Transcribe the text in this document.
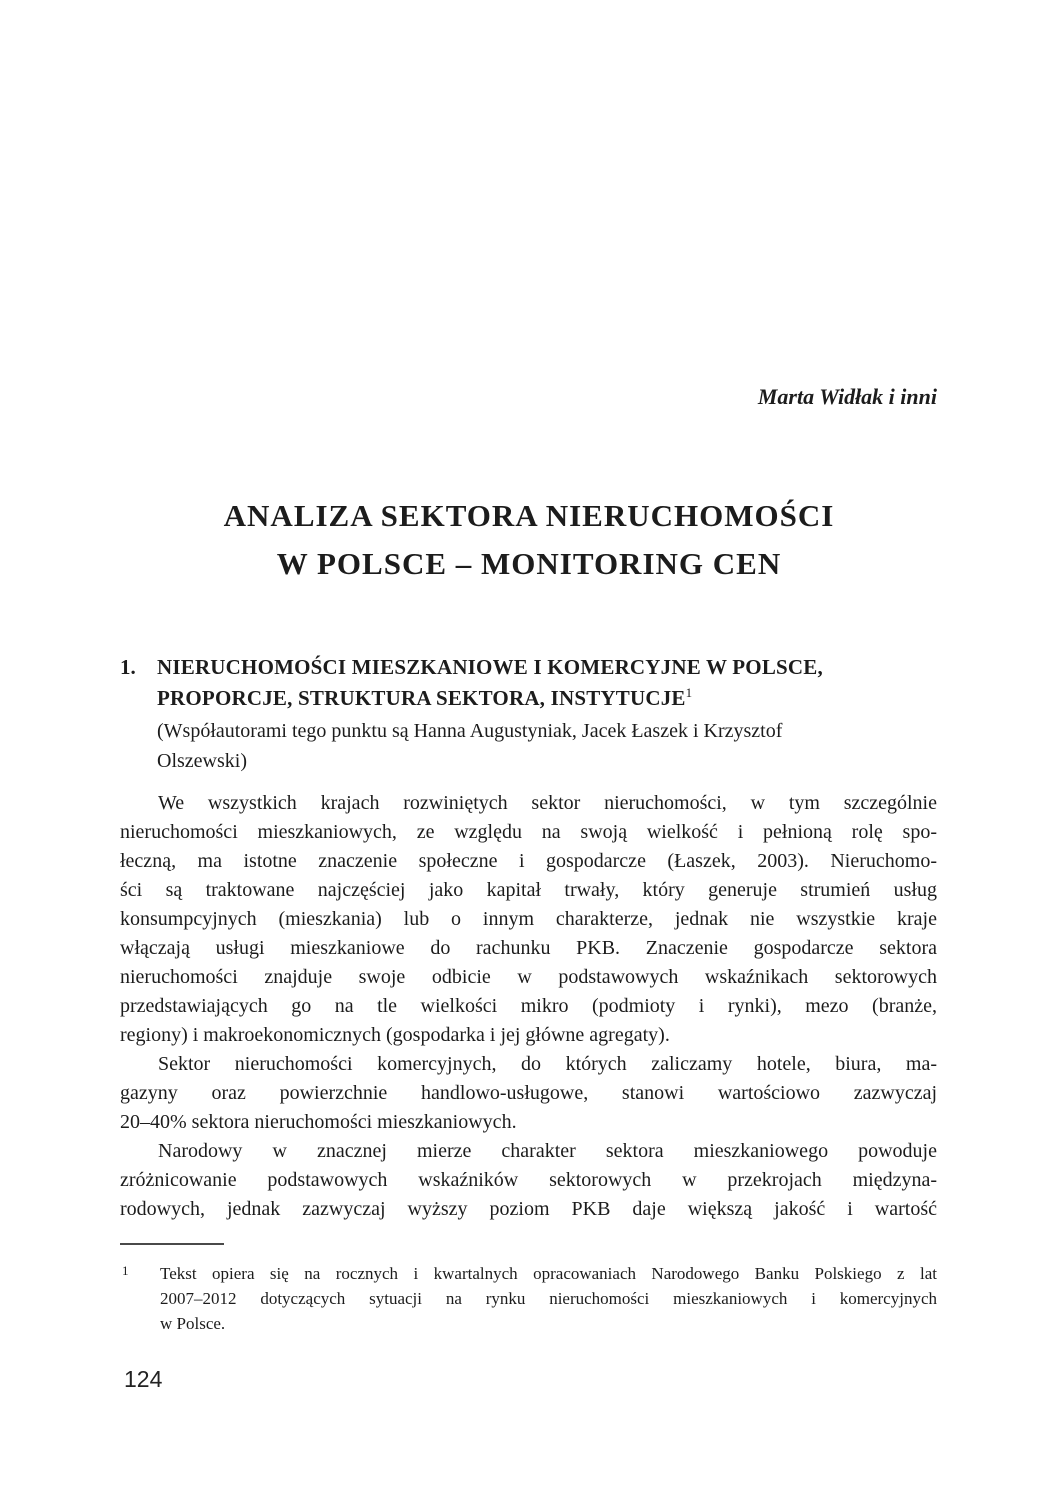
Marta Widłak i inni
ANALIZA SEKTORA NIERUCHOMOŚCI
W POLSCE – MONITORING CEN
1.	NIERUCHOMOŚCI MIESZKANIOWE I KOMERCYJNE W POLSCE,
PROPORCJE, STRUKTURA SEKTORA, INSTYTUCJE$^1$
(Współautorami tego punktu są Hanna Augustyniak, Jacek Łaszek i Krzysztof
Olszewski)
We wszystkich krajach rozwiniętych sektor nieruchomości, w tym szczególnie
nieruchomości mieszkaniowych, ze względu na swoją wielkość i pełnioną rolę spo-
łeczną, ma istotne znaczenie społeczne i gospodarcze (Łaszek, 2003). Nieruchomo-
ści są traktowane najczęściej jako kapitał trwały, który generuje strumień usług
konsumpcyjnych (mieszkania) lub o innym charakterze, jednak nie wszystkie kraje
włączają usługi mieszkaniowe do rachunku PKB. Znaczenie gospodarcze sektora
nieruchomości znajduje swoje odbicie w podstawowych wskaźnikach sektorowych
przedstawiających go na tle wielkości mikro (podmioty i rynki), mezo (branże,
regiony) i makroekonomicznych (gospodarka i jej główne agregaty).
Sektor nieruchomości komercyjnych, do których zaliczamy hotele, biura, ma-
gazyny oraz powierzchnie handlowo-usługowe, stanowi wartościowo zazwyczaj
20–40% sektora nieruchomości mieszkaniowych.
Narodowy w znacznej mierze charakter sektora mieszkaniowego powoduje
zróżnicowanie podstawowych wskaźników sektorowych w przekrojach międzyna-
rodowych, jednak zazwyczaj wyższy poziom PKB daje większą jakość i wartość
1 Tekst opiera się na rocznych i kwartalnych opracowaniach Narodowego Banku Polskiego z lat
2007–2012 dotyczących sytuacji na rynku nieruchomości mieszkaniowych i komercyjnych
w Polsce.
124
